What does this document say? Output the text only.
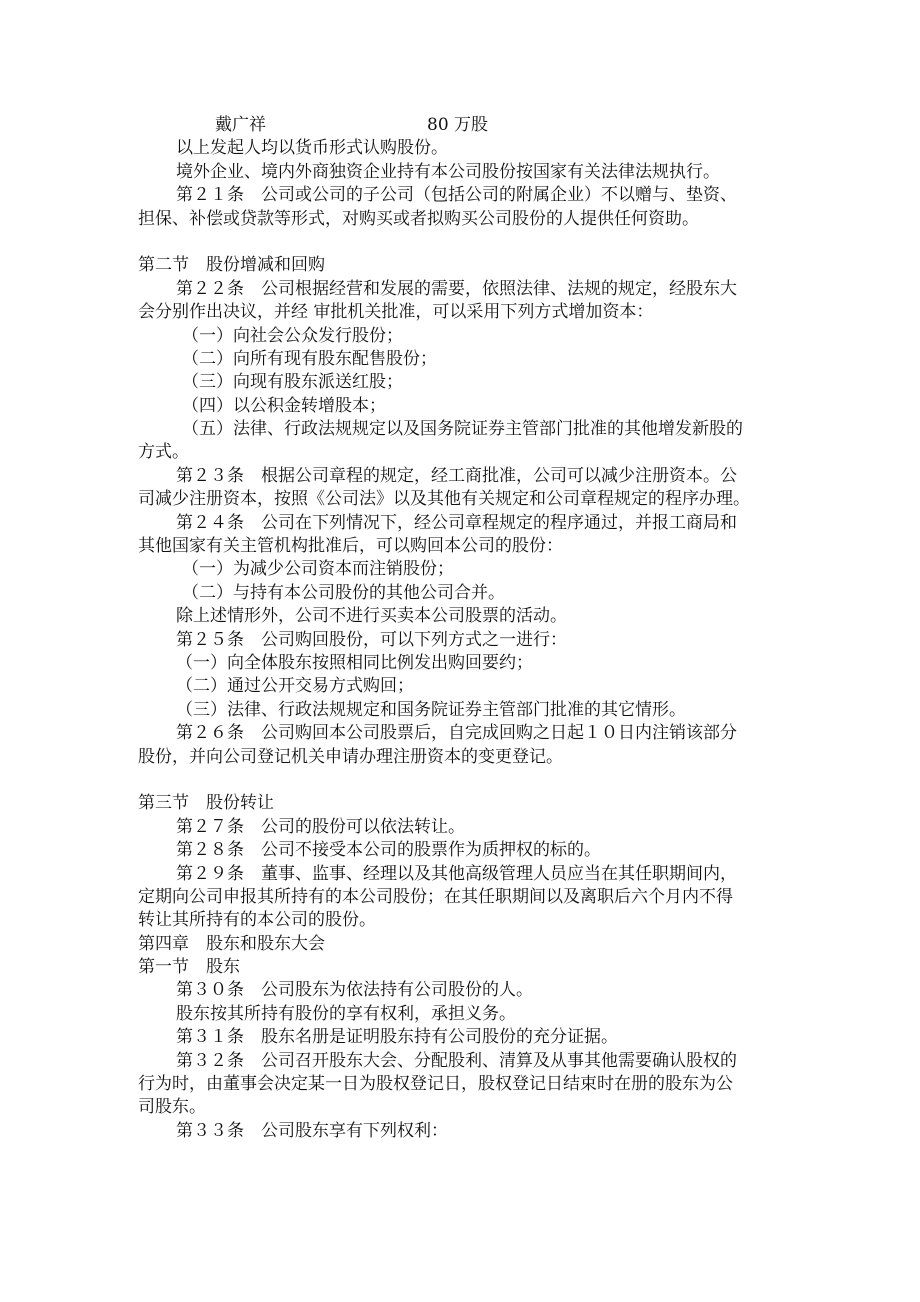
戴广祥	80 万股
以上发起人均以货币形式认购股份。
境外企业、境内外商独资企业持有本公司股份按国家有关法律法规执行。
第２１条　公司或公司的子公司（包括公司的附属企业）不以赠与、垫资、
担保、补偿或贷款等形式，对购买或者拟购买公司股份的人提供任何资助。
第二节　股份增减和回购
第２２条　公司根据经营和发展的需要，依照法律、法规的规定，经股东大
会分别作出决议，并经 审批机关批准，可以采用下列方式增加资本：
（一）向社会公众发行股份；
（二）向所有现有股东配售股份；
（三）向现有股东派送红股；
（四）以公积金转增股本；
（五）法律、行政法规规定以及国务院证券主管部门批准的其他增发新股的
方式。
第２３条　根据公司章程的规定，经工商批准，公司可以减少注册资本。公
司减少注册资本，按照《公司法》以及其他有关规定和公司章程规定的程序办理。
第２４条　公司在下列情况下，经公司章程规定的程序通过，并报工商局和
其他国家有关主管机构批准后，可以购回本公司的股份：
（一）为减少公司资本而注销股份；
（二）与持有本公司股份的其他公司合并。
除上述情形外，公司不进行买卖本公司股票的活动。
第２５条　公司购回股份，可以下列方式之一进行：
（一）向全体股东按照相同比例发出购回要约；
（二）通过公开交易方式购回；
（三）法律、行政法规规定和国务院证券主管部门批准的其它情形。
第２６条　公司购回本公司股票后，自完成回购之日起１０日内注销该部分
股份，并向公司登记机关申请办理注册资本的变更登记。
第三节　股份转让
第２７条　公司的股份可以依法转让。
第２８条　公司不接受本公司的股票作为质押权的标的。
第２９条　董事、监事、经理以及其他高级管理人员应当在其任职期间内，
定期向公司申报其所持有的本公司股份；在其任职期间以及离职后六个月内不得
转让其所持有的本公司的股份。
第四章　股东和股东大会
第一节　股东
第３０条　公司股东为依法持有公司股份的人。
股东按其所持有股份的享有权利，承担义务。
第３１条　股东名册是证明股东持有公司股份的充分证据。
第３２条　公司召开股东大会、分配股利、清算及从事其他需要确认股权的
行为时，由董事会决定某一日为股权登记日，股权登记日结束时在册的股东为公
司股东。
第３３条　公司股东享有下列权利：
